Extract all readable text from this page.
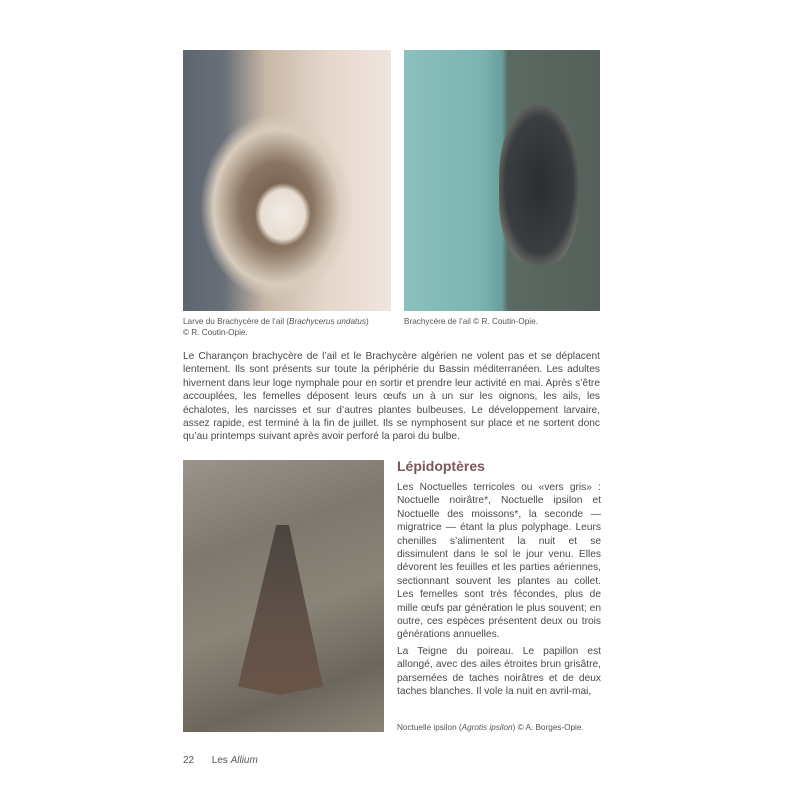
Larve du Brachycère de l’ail (Brachycerus undatus)
© R. Coutin-Opie.
Brachycère de l’ail © R. Coutin-Opie.

Le Charançon brachycère de l’ail et le Brachycère algérien ne volent pas et se déplacent lentement. Ils sont présents sur toute la périphérie du Bassin méditerranéen. Les adultes hivernent dans leur loge nymphale pour en sortir et prendre leur activité en mai. Après s’être accouplées, les femelles déposent leurs œufs un à un sur les oignons, les ails, les échalotes, les narcisses et sur d’autres plantes bulbeuses. Le développement larvaire, assez rapide, est terminé à la fin de juillet. Ils se nymphosent sur place et ne sortent donc qu’au printemps suivant après avoir perforé la paroi du bulbe.

Lépidoptères

Les Noctuelles terricoles ou «vers gris» : Noctuelle noirâtre*, Noctuelle ipsilon et Noctuelle des moissons*, la seconde — migratrice — étant la plus polyphage. Leurs chenilles s’alimentent la nuit et se dissimulent dans le sol le jour venu. Elles dévorent les feuilles et les parties aériennes, sectionnant souvent les plantes au collet. Les femelles sont très fécondes, plus de mille œufs par génération le plus souvent; en outre, ces espèces présentent deux ou trois générations annuelles.

La Teigne du poireau. Le papillon est allongé, avec des ailes étroites brun grisâtre, parsemées de taches noirâtres et de deux taches blanches. Il vole la nuit en avril-mai,

Noctuelle ipsilon (Agrotis ipsilon) © A. Borges-Opie.
22 Les Allium
